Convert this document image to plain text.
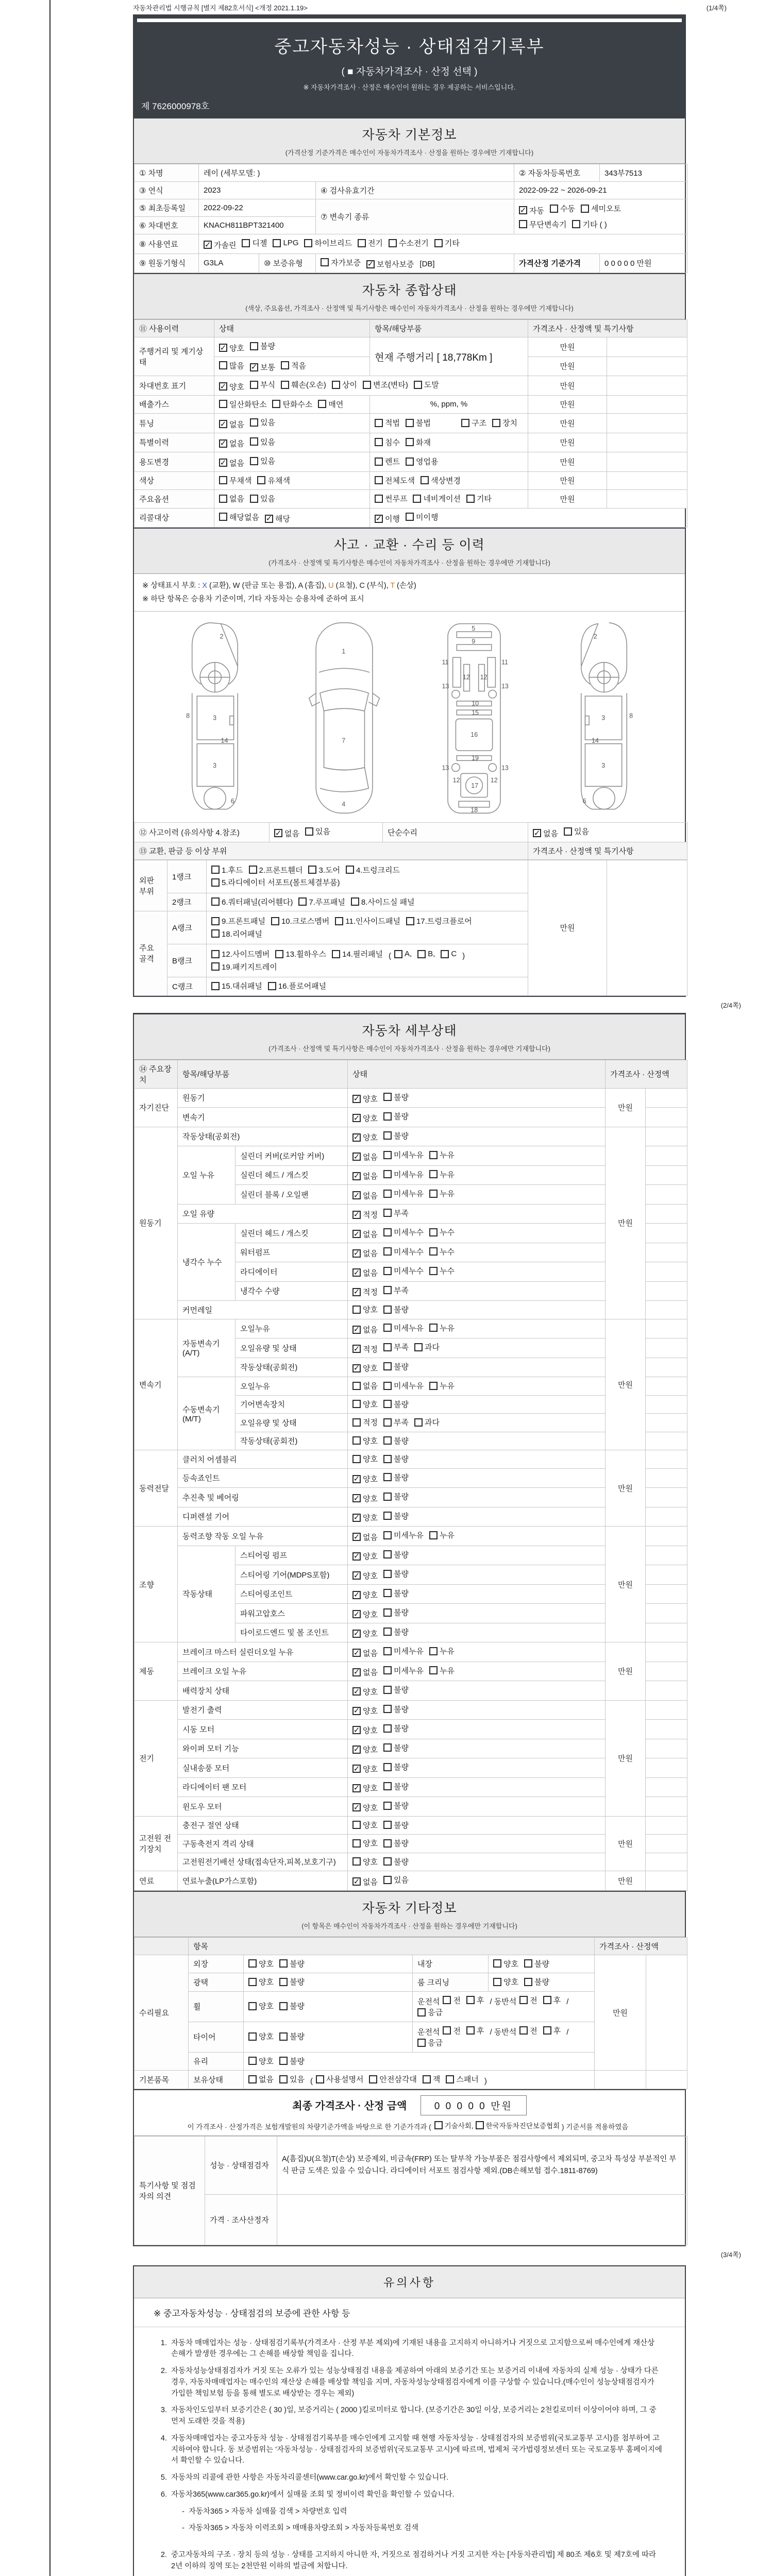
자동차관리법 시행규칙 [별지 제82호서식] <개정 2021.1.19>	(1/4쪽)
중고자동차성능 · 상태점검기록부
( ■ 자동차가격조사 · 산정 선택 )
※ 자동차가격조사 · 산정은 매수인이 원하는 경우 제공하는 서비스입니다.
제 7626000978호
자동차 기본정보
(가격산정 기준가격은 매수인이 자동차가격조사 · 산정을 원하는 경우에만 기재합니다)
① 차명	레이 (세부모델: )			② 자동차등록번호	343부7513
③ 연식	2023		④ 검사유효기간	2022-09-22 ~ 2026-09-21	
⑤ 최초등록일	2022-09-22	⑦ 변속기 종류	
✓ 자동 수동 세미오토
무단변속기 기타 ( )

⑥ 차대번호	KNACH811BPT321400				
⑧ 사용연료	✓ 가솔린 디젤 LPG 하이브리드 전기 수소전기 기타

⑨ 원동기형식	G3LA	⑩ 보증유형	자가보증 ✓ 보험사보증 [DB]	가격산정 기준가격	0 0 0 0 0 만원
자동차 종합상태
(색상, 주요옵션, 가격조사 · 산정액 및 특기사항은 매수인이 자동차가격조사 · 산정을 원하는 경우에만 기재합니다)
⑪ 사용이력	상태	항목/해당부품	가격조사 · 산정액 및 특기사항	
주행거리 및 계기상태	✓ 양호 불량	현재 주행거리 [ 18,778Km ]	만원	

	많음 ✓ 보통 적음		만원	
차대번호 표기	✓ 양호 부식 훼손(오손) 상이 변조(변타) 도말	만원	
배출가스	일산화탄소 탄화수소 매연	%, ppm, %	만원	
튜닝	✓ 없음 있음	적법 불법 구조 장치	만원	
특별이력	✓ 없음 있음	침수 화재	만원	
용도변경	✓ 없음 있음	렌트 영업용	만원	
색상	무채색 유채색	전체도색 색상변경	만원	
주요옵션	없음 있음	썬루프 네비게이션 기타	만원	
리콜대상	해당없음 ✓ 해당	✓ 이행 미이행		
사고 · 교환 · 수리 등 이력
(가격조사 · 산정액 및 특기사항은 매수인이 자동차가격조사 · 산정을 원하는 경우에만 기재합니다)
※ 상태표시 부호 : X (교환), W (판금 또는 용접), A (흠집), U (요철), C (부식), T (손상)
※ 하단 항목은 승용차 기준이며, 기타 자동차는 승용차에 준하여 표시
2
8	3
14
3
6
1
7
4
5
9
11	11
13	13
12 12
10
15
16
19
13	13
12	12
17
18
2
8
3
14
3
6
⑫ 사고이력 (유의사항 4.참조)	✓ 없음 있음	단순수리	✓ 없음 있음

⑬ 교환, 판금 등 이상 부위			가격조사 · 산정액 및 특기사항
외판 부위	1랭크	1.후드 2.프론트휀더 3.도어 4.트렁크리드
5.라디에이터 서포트(볼트체결부품)	만원	
	2랭크	6.쿼터패널(리어휀다) 7.루프패널 8.사이드실 패널		

주요 골격	A랭크	9.프론트패널 10.크로스멤버 11.인사이드패널 17.트렁크플로어
18.리어패널		

B랭크	
12.사이드멤버 13.휠하우스 14.필러패널 ( A, B, C )
19.패키지트레이

	C랭크	15.대쉬패널 16.플로어패널		
(2/4쪽)
자동차 세부상태
(가격조사 · 산정액 및 특기사항은 매수인이 자동차가격조사 · 산정을 원하는 경우에만 기재합니다)
⑭ 주요장치	항목/해당부품		상태	가격조사 · 산정액	
자기진단	원동기		✓ 양호 불량	만원	
	변속기		✓ 양호 불량		

원동기	작동상태(공회전)		✓ 양호 불량	만원	
	오일 누유	실린더 커버(로커암 커버)	✓ 없음 미세누유 누유		

		실린더 헤드 / 개스킷	✓ 없음 미세누유 누유		

		실린더 블록 / 오일팬	✓ 없음 미세누유 누유		

	오일 유량		✓ 적정 부족		

	냉각수 누수	실린더 헤드 / 개스킷	✓ 없음 미세누수 누수		

		워터펌프	✓ 없음 미세누수 누수		

		라디에이터	✓ 없음 미세누수 누수		

		냉각수 수량	✓ 적정 부족		

	커먼레일		양호 불량		

변속기	자동변속기 (A/T)	오일누유	✓ 없음 미세누유 누유	만원	
		오일유량 및 상태	✓ 적정 부족 과다		

		작동상태(공회전)	✓ 양호 불량		

	수동변속기 (M/T)	오일누유	없음 미세누유 누유		

		기어변속장치	양호 불량		

		오일유량 및 상태	적정 부족 과다		

		작동상태(공회전)	양호 불량		

동력전달	클러치 어셈블리		양호 불량	만원	
	등속죠인트		✓ 양호 불량		

	추진축 및 베어링		✓ 양호 불량		

	디퍼렌셜 기어		✓ 양호 불량		

조향	동력조향 작동 오일 누유		✓ 없음 미세누유 누유	만원	
	작동상태	스티어링 펌프	✓ 양호 불량		

		스티어링 기어(MDPS포함)	✓ 양호 불량		

		스티어링조인트	✓ 양호 불량		

		파워고압호스	✓ 양호 불량		

		타이로드엔드 및 볼 조인트	✓ 양호 불량		

제동	브레이크 마스터 실린더오일 누유		✓ 없음 미세누유 누유	만원	
	브레이크 오일 누유		✓ 없음 미세누유 누유		

	배력장치 상태		✓ 양호 불량		

전기	발전기 출력		✓ 양호 불량	만원	
	시동 모터		✓ 양호 불량		

	와이퍼 모터 기능		✓ 양호 불량		

	실내송풍 모터		✓ 양호 불량		

	라디에이터 팬 모터		✓ 양호 불량		

	윈도우 모터		✓ 양호 불량		

고전원 전기장치	충전구 절연 상태		양호 불량	만원	
	구동축전지 격리 상태		양호 불량		

	고전원전기배선 상태(접속단자,피복,보호기구)		양호 불량		

연료	연료누출(LP가스포함)		✓ 없음 있음	만원	
자동차 기타정보
(이 항목은 매수인이 자동차가격조사 · 산정을 원하는 경우에만 기재합니다)
	항목				가격조사 · 산정액	
수리필요	외장	양호 불량	내장	양호 불량	만원	
	광택	양호 불량	룸 크리닝	양호 불량		

휠	양호 불량
	운전석 전 후 / 동반석 전 후 /
응급

타이어	양호 불량
	운전석 전 후 / 동반석 전 후 /
응급

	유리	양호 불량				

기본품목	보유상태	없음 있음 ( 사용설명서 안전삼각대 잭 스패너 )		
최종 가격조사 · 산정 금액	0 0 0 0 0 만원
이 가격조사 · 산정가격은 보험개발원의 차량기준가액을 바탕으로 한 기준가격과 ( 기술사회, 한국자동차진단보증협회 ) 기준서를 적용하였음
특기사항 및 점검자의 의견	성능 · 상태점검자	A(흠집)U(요철)T(손상) 보증제외, 비금속(FRP) 또는 탈부착 가능부품은 점검사항에서 제외되며, 중고차 특성상 부분적인 부식 판금 도색은 있을 수 있습니다. 라디에이터 서포트 점검사항 제외.(DB손해보험 접수.1811-8769)
	가격 · 조사산정자	
(3/4쪽)
유의사항
※ 중고자동차성능 · 상태점검의 보증에 관한 사항 등
1. 자동차 매매업자는 성능 · 상태점검기록부(가격조사 · 산정 부분 제외)에 기재된 내용을 고지하지 아니하거나 거짓으로 고지함으로써 매수인에게 재산상 손해가 발생한 경우에는 그 손해를 배상할 책임을 집니다.
2. 자동차성능상태점검자가 거짓 또는 오류가 있는 성능상태점검 내용을 제공하여 아래의 보증기간 또는 보증거리 이내에 자동차의 실제 성능 · 상태가 다른 경우, 자동차매매업자는 매수인의 재산상 손해를 배상할 책임을 지며, 자동차성능상태점검자에게 이를 구상할 수 있습니다.(매수인이 성능상태점검자가 가입한 책임보험 등을 통해 별도로 배상받는 경우는 제외)
3. 자동차인도일부터 보증기간은 ( 30 )일, 보증거리는 ( 2000 )킬로미터로 합니다. (보증기간은 30일 이상, 보증거리는 2천킬로미터 이상이어야 하며, 그 중 먼저 도래한 것을 적용)
4. 자동차매매업자는 중고자동차 성능 · 상태점검기록부를 매수인에게 고지할 때 현행 자동차성능 · 상태점검자의 보증범위(국토교통부 고시)를 첨부하여 고지하여야 합니다. 동 보증범위는 '자동차성능 · 상태점검자의 보증범위'(국토교통부 고시)에 따르며, 법제처 국가법령정보센터 또는 국토교통부 홈페이지에서 확인할 수 있습니다.
5. 자동차의 리콜에 관한 사항은 자동차리콜센터(www.car.go.kr)에서 확인할 수 있습니다.
6. 자동차365(www.car365.go.kr)에서 실매물 조회 및 정비이력 확인을 확인할 수 있습니다.
- 자동차365 > 자동차 실매물 검색 > 차량번호 입력
- 자동차365 > 자동차 이력조회 > 매매용차량조회 > 자동차등록번호 검색
2. 중고자동차의 구조 · 장치 등의 성능 · 상태를 고지하지 아니한 자, 거짓으로 점검하거나 거짓 고지한 자는 [자동차관리법] 제 80조 제6호 및 제7호에 따라 2년 이하의 징역 또는 2천만원 이하의 벌금에 처합니다.
